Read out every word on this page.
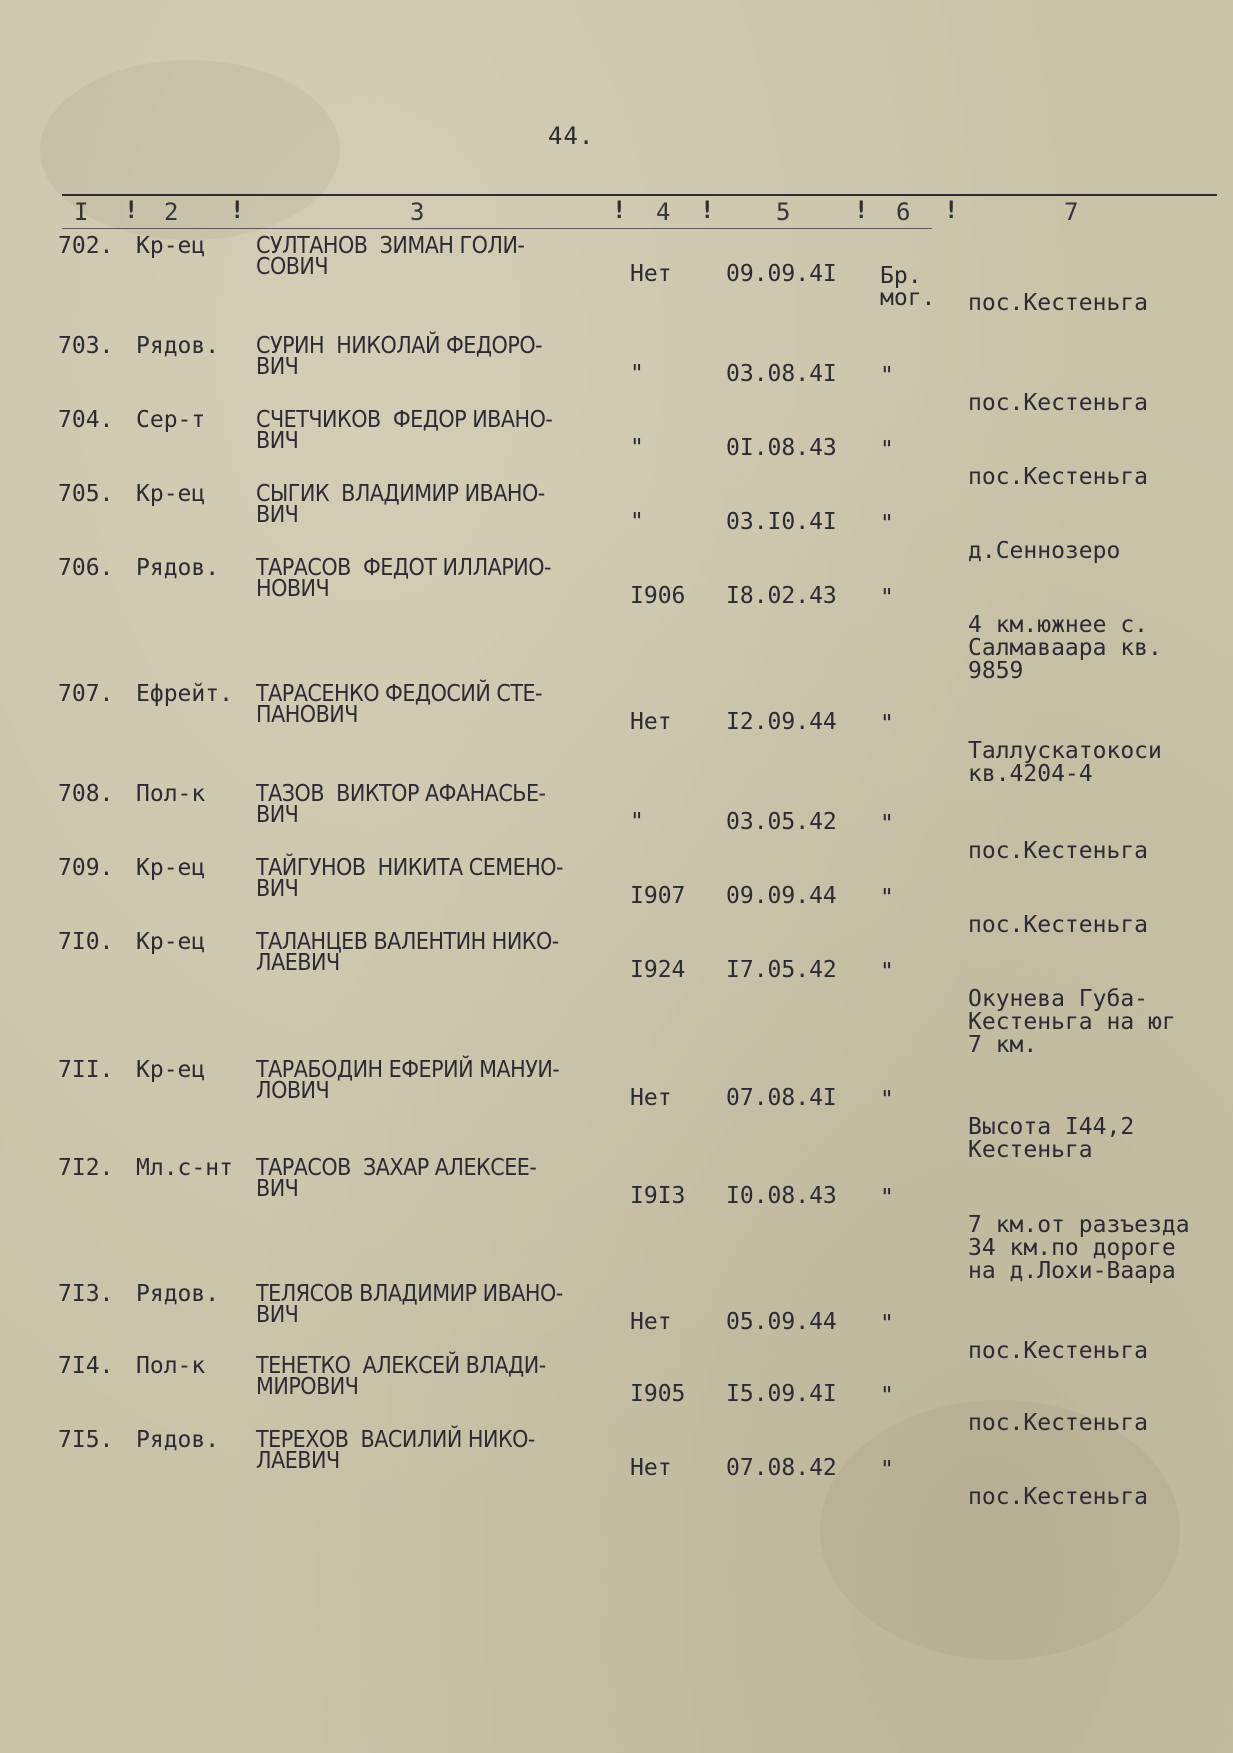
44.
I ! 2 !	3	! 4 !	5	! 6 !	7
702. Кр-ец СУЛТАНОВ  ЗИМАН ГОЛИ-
СОВИЧ	Нет 09.09.4I Бр.
мог. пос.Кестеньга
703. Рядов. СУРИН  НИКОЛАЙ ФЕДОРО-
ВИЧ	"	03.08.4I "
пос.Кестеньга
704. Сер-т СЧЕТЧИКОВ  ФЕДОР ИВАНО-
ВИЧ	"	0I.08.43 "
пос.Кестеньга
705. Кр-ец СЫГИК  ВЛАДИМИР ИВАНО-
ВИЧ	"	03.I0.4I "
д.Сеннозеро
706. Рядов. ТАРАСОВ  ФЕДОТ ИЛЛАРИО-
НОВИЧ	I906 I8.02.43 "
4 км.южнее с.
Салмаваара кв.
9859
707. Ефрейт. ТАРАСЕНКО ФЕДОСИЙ СТЕ-
ПАНОВИЧ	Нет I2.09.44 "
Таллускатокоси
кв.4204-4
708. Пол-к ТАЗОВ  ВИКТОР АФАНАСЬЕ-
ВИЧ	"	03.05.42 "
пос.Кестеньга
709. Кр-ец ТАЙГУНОВ  НИКИТА СЕМЕНО-
ВИЧ	I907 09.09.44 "
пос.Кестеньга
7I0. Кр-ец ТАЛАНЦЕВ ВАЛЕНТИН НИКО-
ЛАЕВИЧ	I924 I7.05.42 "
Окунева Губа-
Кестеньга на юг
7 км.
7II. Кр-ец ТАРАБОДИН ЕФЕРИЙ МАНУИ-
ЛОВИЧ	Нет 07.08.4I "
Высота I44,2
Кестеньга
7I2. Мл.с-нт ТАРАСОВ  ЗАХАР АЛЕКСЕЕ-
ВИЧ	I9I3 I0.08.43 "
7 км.от разъезда
34 км.по дороге
на д.Лохи-Ваара
7I3. Рядов. ТЕЛЯСОВ ВЛАДИМИР ИВАНО-
ВИЧ	Нет 05.09.44 "
пос.Кестеньга
7I4. Пол-к ТЕНЕТКО  АЛЕКСЕЙ ВЛАДИ-
МИРОВИЧ	I905 I5.09.4I "
пос.Кестеньга
7I5. Рядов. ТЕРЕХОВ  ВАСИЛИЙ НИКО-
ЛАЕВИЧ	Нет 07.08.42 "
пос.Кестеньга
